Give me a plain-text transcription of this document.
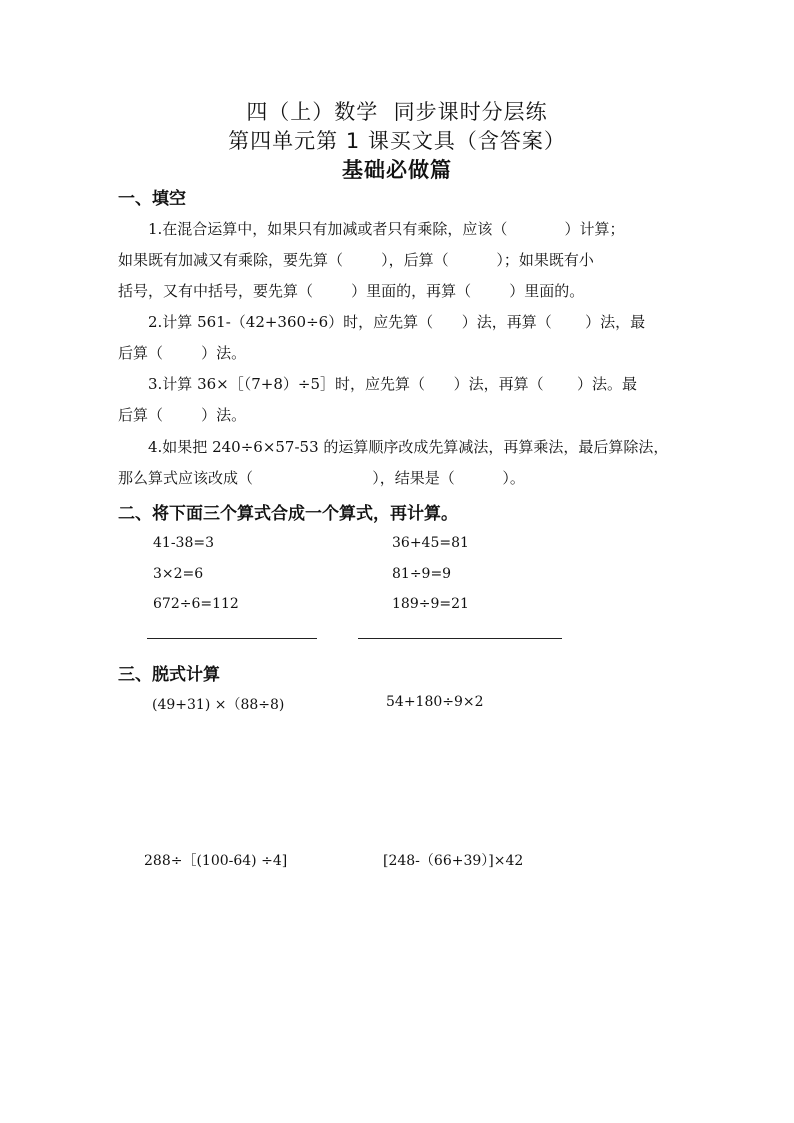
四（上）数学  同步课时分层练
第四单元第 1 课买文具（含答案）
基础必做篇
一、填空
1.在混合运算中，如果只有加减或者只有乘除，应该（            ）计算；
如果既有加减又有乘除，要先算（        ），后算（          ）；如果既有小
括号，又有中括号，要先算（        ）里面的，再算（        ）里面的。
2.计算 561-（42+360÷6）时，应先算（      ）法，再算（       ）法，最
后算（        ）法。
3.计算 36×［（7+8）÷5］时，应先算（      ）法，再算（       ）法。最
后算（        ）法。
4.如果把 240÷6×57-53 的运算顺序改成先算减法，再算乘法，最后算除法，
那么算式应该改成（                         ），结果是（          ）。
二、将下面三个算式合成一个算式，再计算。
41-38=3
3×2=6
672÷6=112
36+45=81
81÷9=9
189÷9=21
三、脱式计算
(49+31) ×（88÷8)	54+180÷9×2
288÷［(100-64) ÷4]	[248-（66+39）]×42
